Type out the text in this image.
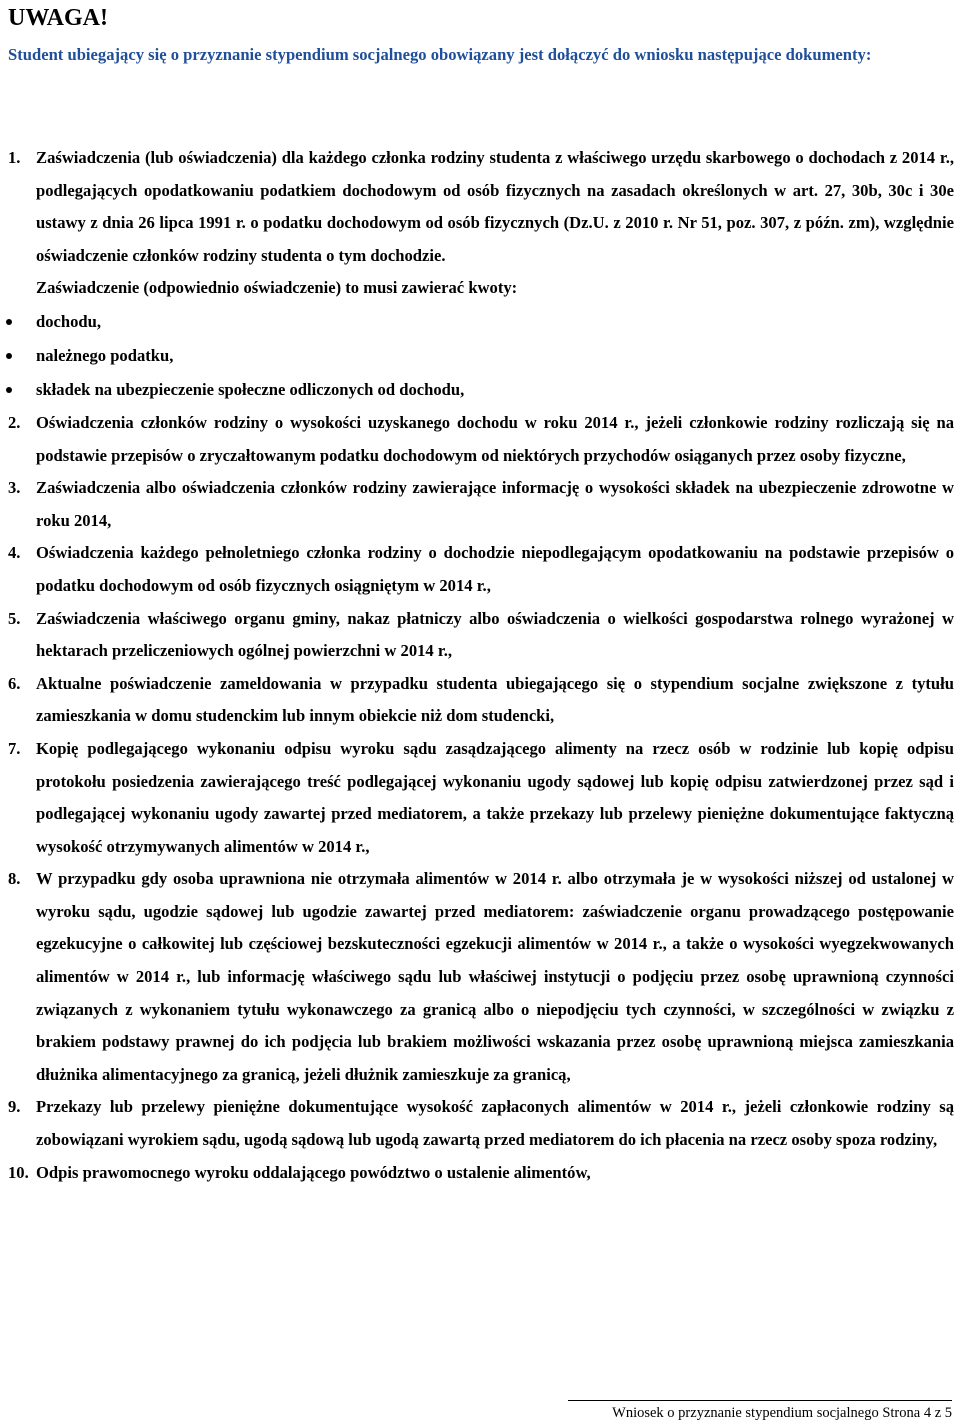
UWAGA!
Student ubiegający się o przyznanie stypendium socjalnego obowiązany jest dołączyć do wniosku następujące dokumenty:
1. Zaświadczenia (lub oświadczenia) dla każdego członka rodziny studenta z właściwego urzędu skarbowego o dochodach z 2014 r., podlegających opodatkowaniu podatkiem dochodowym od osób fizycznych na zasadach określonych w art. 27, 30b, 30c i 30e ustawy z dnia 26 lipca 1991 r. o podatku dochodowym od osób fizycznych (Dz.U. z 2010 r. Nr 51, poz. 307, z późn. zm), względnie oświadczenie członków rodziny studenta o tym dochodzie.
Zaświadczenie (odpowiednio oświadczenie) to musi zawierać kwoty:
dochodu,
należnego podatku,
składek na ubezpieczenie społeczne odliczonych od dochodu,
2. Oświadczenia członków rodziny o wysokości uzyskanego dochodu w roku 2014 r., jeżeli członkowie rodziny rozliczają się na podstawie przepisów o zryczałtowanym podatku dochodowym od niektórych przychodów osiąganych przez osoby fizyczne,
3. Zaświadczenia albo oświadczenia członków rodziny zawierające informację o wysokości składek na ubezpieczenie zdrowotne w roku 2014,
4. Oświadczenia każdego pełnoletniego członka rodziny o dochodzie niepodlegającym opodatkowaniu na podstawie przepisów o podatku dochodowym od osób fizycznych osiągniętym w 2014 r.,
5. Zaświadczenia właściwego organu gminy, nakaz płatniczy albo oświadczenia o wielkości gospodarstwa rolnego wyrażonej w hektarach przeliczeniowych ogólnej powierzchni w 2014 r.,
6. Aktualne poświadczenie zameldowania w przypadku studenta ubiegającego się o stypendium socjalne zwiększone z tytułu zamieszkania w domu studenckim lub innym obiekcie niż dom studencki,
7. Kopię podlegającego wykonaniu odpisu wyroku sądu zasądzającego alimenty na rzecz osób w rodzinie lub kopię odpisu protokołu posiedzenia zawierającego treść podlegającej wykonaniu ugody sądowej lub kopię odpisu zatwierdzonej przez sąd i podlegającej wykonaniu ugody zawartej przed mediatorem, a także przekazy lub przelewy pieniężne dokumentujące faktyczną wysokość otrzymywanych alimentów w 2014 r.,
8. W przypadku gdy osoba uprawniona nie otrzymała alimentów w 2014 r. albo otrzymała je w wysokości niższej od ustalonej w wyroku sądu, ugodzie sądowej lub ugodzie zawartej przed mediatorem: zaświadczenie organu prowadzącego postępowanie egzekucyjne o całkowitej lub częściowej bezskuteczności egzekucji alimentów w 2014 r., a także o wysokości wyegzekwowanych alimentów w 2014 r., lub informację właściwego sądu lub właściwej instytucji o podjęciu przez osobę uprawnioną czynności związanych z wykonaniem tytułu wykonawczego za granicą albo o niepodjęciu tych czynności, w szczególności w związku z brakiem podstawy prawnej do ich podjęcia lub brakiem możliwości wskazania przez osobę uprawnioną miejsca zamieszkania dłużnika alimentacyjnego za granicą, jeżeli dłużnik zamieszkuje za granicą,
9. Przekazy lub przelewy pieniężne dokumentujące wysokość zapłaconych alimentów w 2014 r., jeżeli członkowie rodziny są zobowiązani wyrokiem sądu, ugodą sądową lub ugodą zawartą przed mediatorem do ich płacenia na rzecz osoby spoza rodziny,
10. Odpis prawomocnego wyroku oddalającego powództwo o ustalenie alimentów,
Wniosek o przyznanie stypendium socjalnego Strona 4 z 5
